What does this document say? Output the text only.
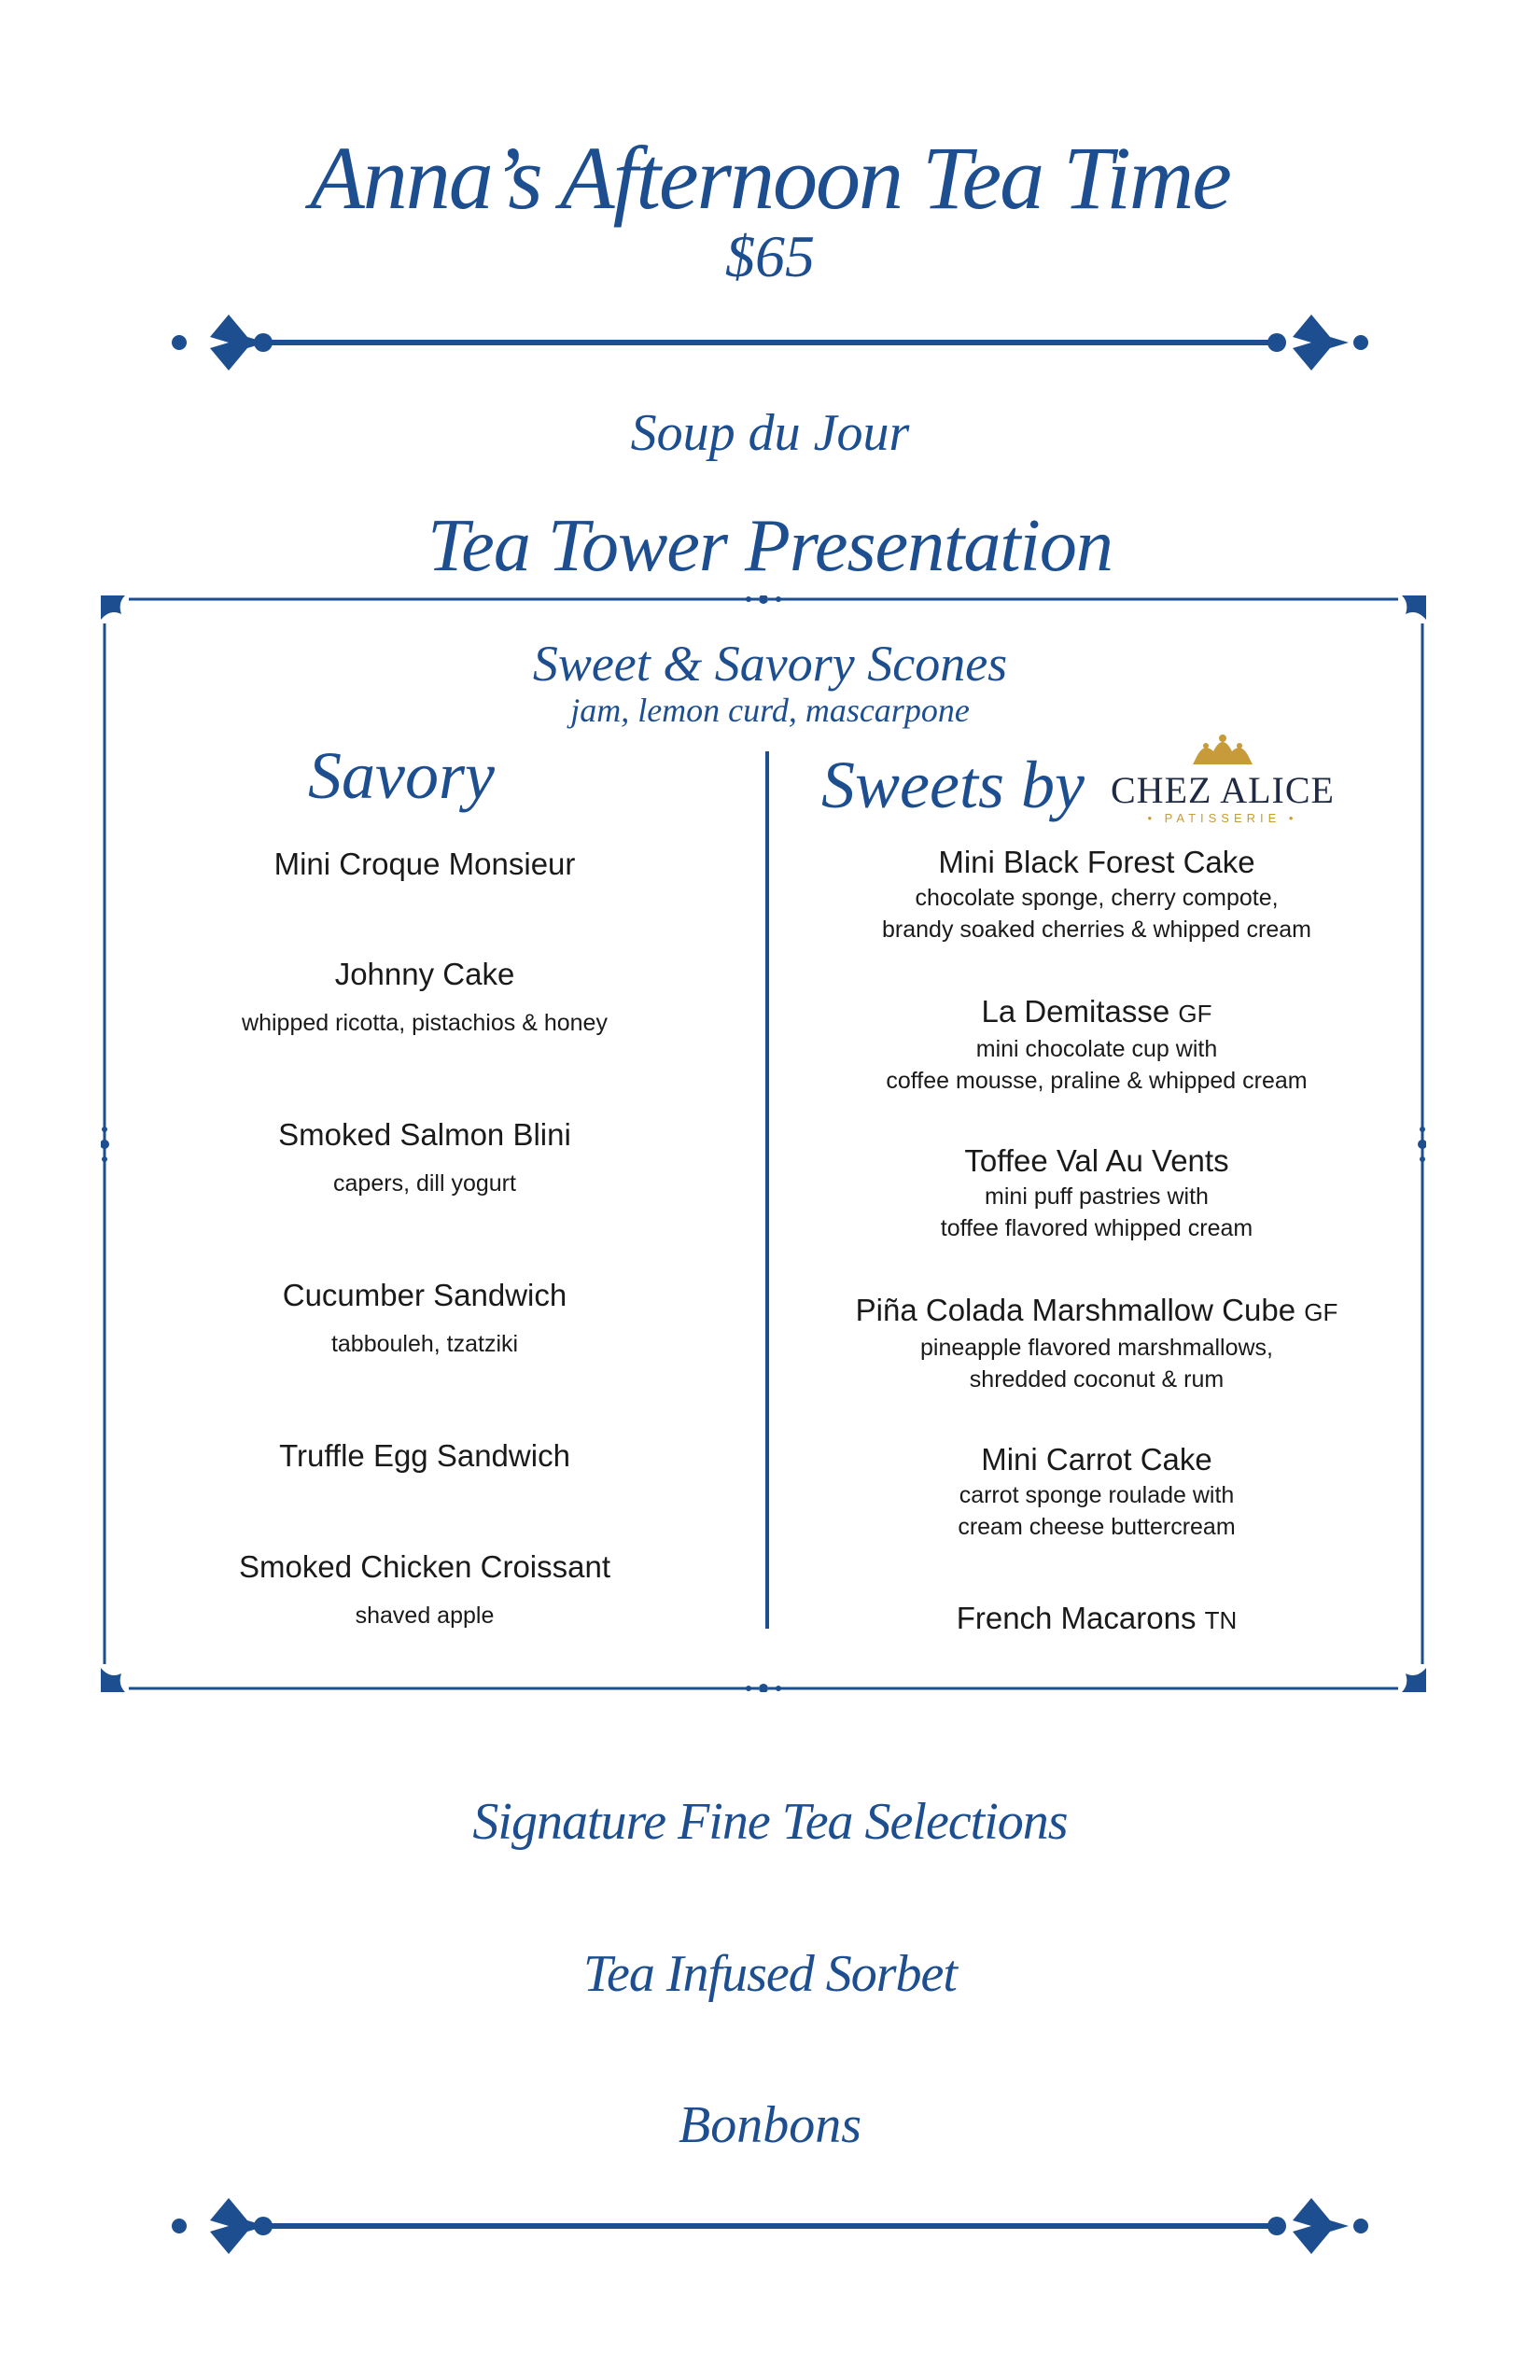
Anna’s Afternoon Tea Time
$65
Soup du Jour
Tea Tower Presentation
Sweet & Savory Scones
jam, lemon curd, mascarpone
Savory
Mini Croque Monsieur
Johnny Cake
whipped ricotta, pistachios & honey
Smoked Salmon Blini
capers, dill yogurt
Cucumber Sandwich
tabbouleh, tzatziki
Truffle Egg Sandwich
Smoked Chicken Croissant
shaved apple
Sweets by CHEZ ALICE
• PATISSERIE •
Mini Black Forest Cake
chocolate sponge, cherry compote,
brandy soaked cherries & whipped cream
La Demitasse GF
mini chocolate cup with
coffee mousse, praline & whipped cream
Toffee Val Au Vents
mini puff pastries with
toffee flavored whipped cream
Piña Colada Marshmallow Cube GF
pineapple flavored marshmallows,
shredded coconut & rum
Mini Carrot Cake
carrot sponge roulade with
cream cheese buttercream
French Macarons TN
Signature Fine Tea Selections
Tea Infused Sorbet
Bonbons
